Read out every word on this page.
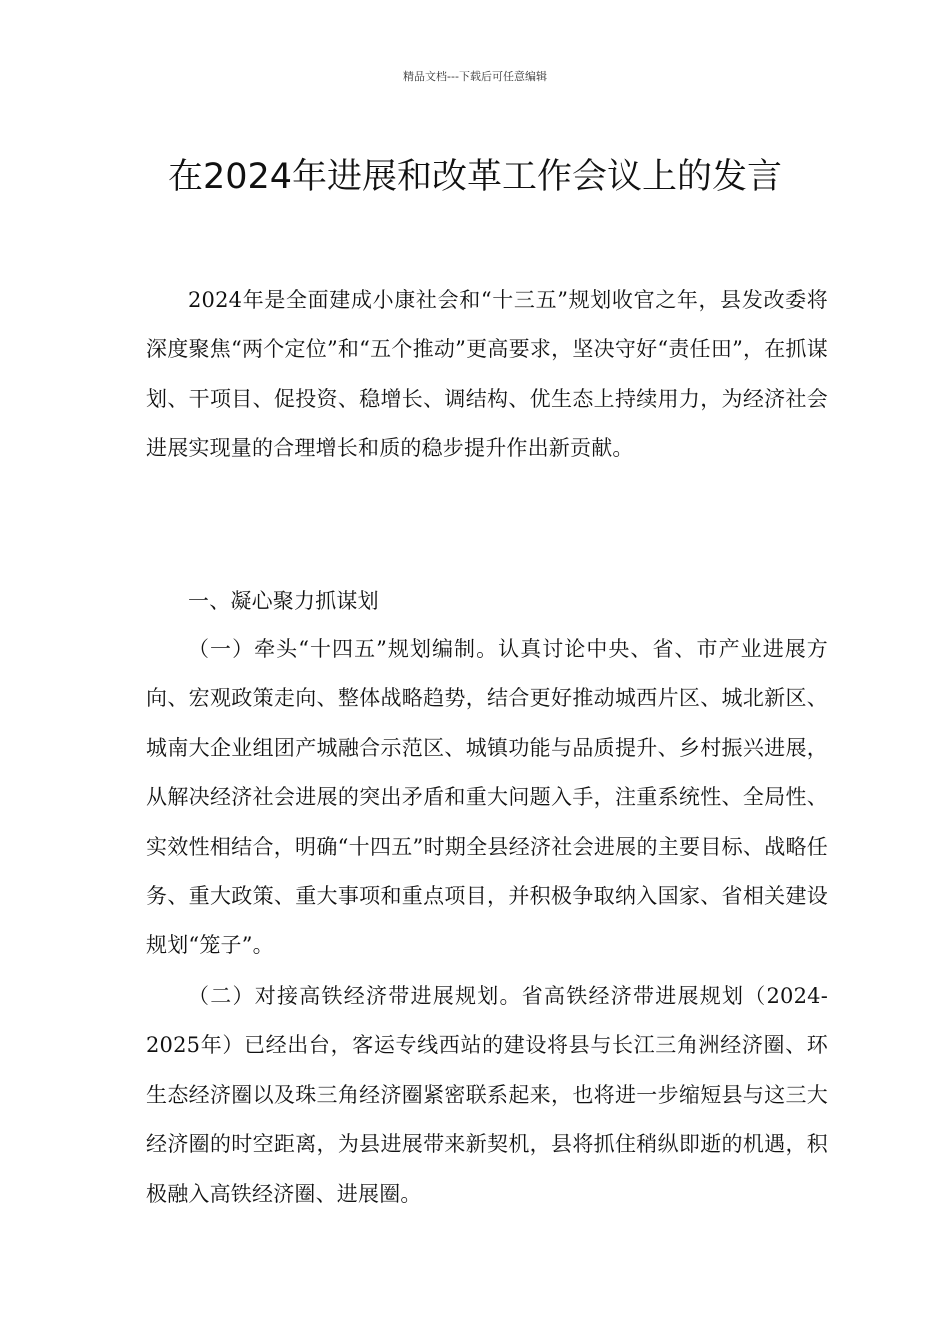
精品文档---下载后可任意编辑
在2024年进展和改革工作会议上的发言

2024年是全面建成小康社会和“十三五”规划收官之年，县发改委将深度聚焦“两个定位”和“五个推动”更高要求，坚决守好“责任田”，在抓谋划、干项目、促投资、稳增长、调结构、优生态上持续用力，为经济社会进展实现量的合理增长和质的稳步提升作出新贡献。

一、凝心聚力抓谋划

（一）牵头“十四五”规划编制。认真讨论中央、省、市产业进展方向、宏观政策走向、整体战略趋势，结合更好推动城西片区、城北新区、城南大企业组团产城融合示范区、城镇功能与品质提升、乡村振兴进展，从解决经济社会进展的突出矛盾和重大问题入手，注重系统性、全局性、实效性相结合，明确“十四五”时期全县经济社会进展的主要目标、战略任务、重大政策、重大事项和重点项目，并积极争取纳入国家、省相关建设规划“笼子”。

（二）对接高铁经济带进展规划。省高铁经济带进展规划（2024-2025年）已经出台，客运专线西站的建设将县与长江三角洲经济圈、环生态经济圈以及珠三角经济圈紧密联系起来，也将进一步缩短县与这三大经济圈的时空距离，为县进展带来新契机，县将抓住稍纵即逝的机遇，积极融入高铁经济圈、进展圈。
